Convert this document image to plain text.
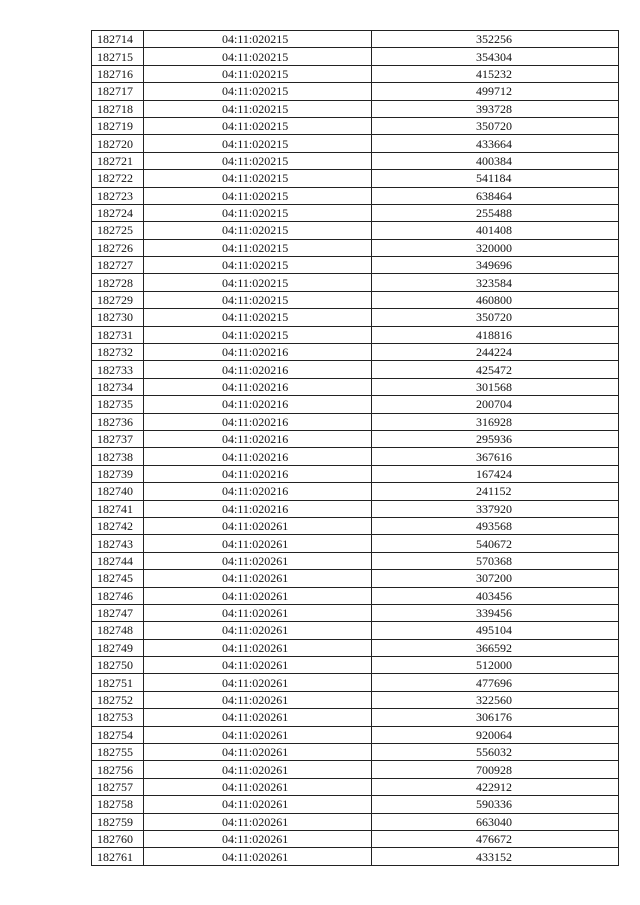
182714	04:11:020215	352256
182715	04:11:020215	354304
182716	04:11:020215	415232
182717	04:11:020215	499712
182718	04:11:020215	393728
182719	04:11:020215	350720
182720	04:11:020215	433664
182721	04:11:020215	400384
182722	04:11:020215	541184
182723	04:11:020215	638464
182724	04:11:020215	255488
182725	04:11:020215	401408
182726	04:11:020215	320000
182727	04:11:020215	349696
182728	04:11:020215	323584
182729	04:11:020215	460800
182730	04:11:020215	350720
182731	04:11:020215	418816
182732	04:11:020216	244224
182733	04:11:020216	425472
182734	04:11:020216	301568
182735	04:11:020216	200704
182736	04:11:020216	316928
182737	04:11:020216	295936
182738	04:11:020216	367616
182739	04:11:020216	167424
182740	04:11:020216	241152
182741	04:11:020216	337920
182742	04:11:020261	493568
182743	04:11:020261	540672
182744	04:11:020261	570368
182745	04:11:020261	307200
182746	04:11:020261	403456
182747	04:11:020261	339456
182748	04:11:020261	495104
182749	04:11:020261	366592
182750	04:11:020261	512000
182751	04:11:020261	477696
182752	04:11:020261	322560
182753	04:11:020261	306176
182754	04:11:020261	920064
182755	04:11:020261	556032
182756	04:11:020261	700928
182757	04:11:020261	422912
182758	04:11:020261	590336
182759	04:11:020261	663040
182760	04:11:020261	476672
182761	04:11:020261	433152
